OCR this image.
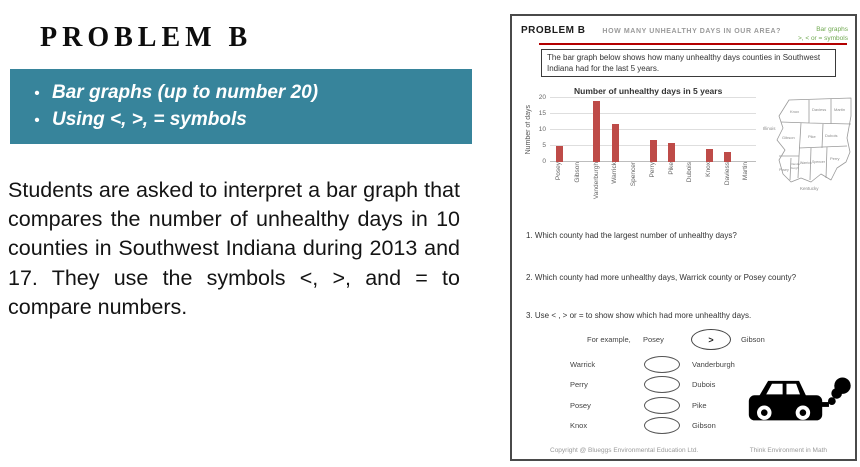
PROBLEM B
• Bar graphs (up to number 20)
• Using <, >, = symbols
Students are asked to interpret a bar graph that compares the number of unhealthy days in 10 counties in Southwest Indiana during 2013 and 17. They use the symbols <, >, and = to compare numbers.
PROBLEM B HOW MANY UNHEALTHY DAYS IN OUR AREA?	Bar graphs
>, < or = symbols
The bar graph below shows how many unhealthy days counties in Southwest Indiana had for the last 5 years.
Number of unhealthy days in 5 years
Number of days
0
5
10
15
20
Posey Gibson Vanderburgh Warrick Spencer Perry Pike Dubois Knox Daviess Martin
Illinois
Knox	Daviess Martin
Gibson	Pike Dubois
Posey
Vander
burgh
Warrick Spencer
Perry
Kentucky
1. Which county had the largest number of unhealthy days?
2. Which county had more unhealthy days, Warrick county or Posey county?
3. Use < , > or = to show show which had more unhealthy days.
For example,	Posey	>	Gibson
Warrick	Vanderburgh
Perry	Dubois
Posey	Pike
Knox	Gibson
Copyright @ Blueggs Environmental Education Ltd.	Think Environment in Math
